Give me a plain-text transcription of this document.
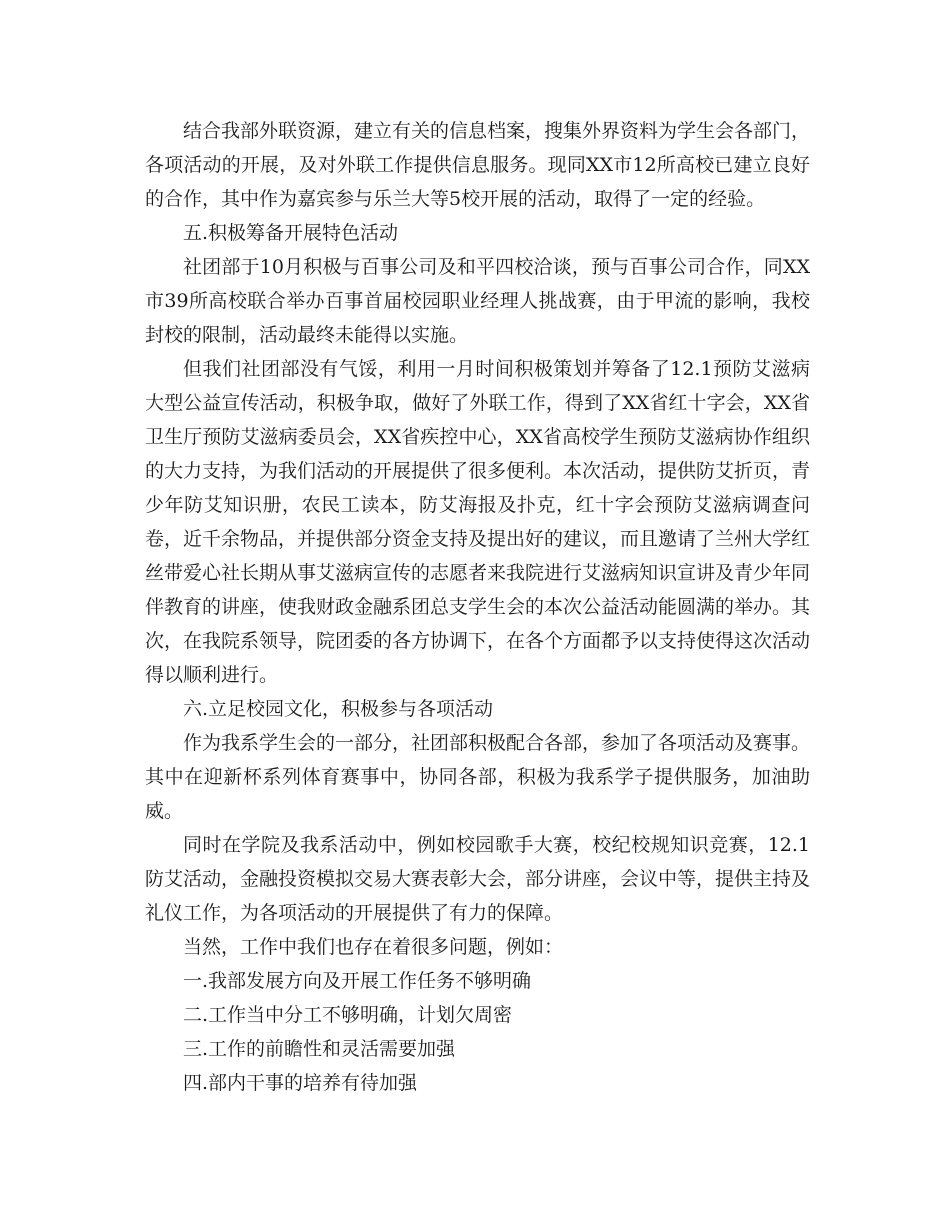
结合我部外联资源，建立有关的信息档案，搜集外界资料为学生会各部门，各项活动的开展，及对外联工作提供信息服务。现同XX市12所高校已建立良好的合作，其中作为嘉宾参与乐兰大等5校开展的活动，取得了一定的经验。

五.积极筹备开展特色活动

社团部于10月积极与百事公司及和平四校洽谈，预与百事公司合作，同XX市39所高校联合举办百事首届校园职业经理人挑战赛，由于甲流的影响，我校封校的限制，活动最终未能得以实施。

但我们社团部没有气馁，利用一月时间积极策划并筹备了12.1预防艾滋病大型公益宣传活动，积极争取，做好了外联工作，得到了XX省红十字会，XX省卫生厅预防艾滋病委员会，XX省疾控中心，XX省高校学生预防艾滋病协作组织的大力支持，为我们活动的开展提供了很多便利。本次活动，提供防艾折页，青少年防艾知识册，农民工读本，防艾海报及扑克，红十字会预防艾滋病调查问卷，近千余物品，并提供部分资金支持及提出好的建议，而且邀请了兰州大学红丝带爱心社长期从事艾滋病宣传的志愿者来我院进行艾滋病知识宣讲及青少年同伴教育的讲座，使我财政金融系团总支学生会的本次公益活动能圆满的举办。其次，在我院系领导，院团委的各方协调下，在各个方面都予以支持使得这次活动得以顺利进行。

六.立足校园文化，积极参与各项活动

作为我系学生会的一部分，社团部积极配合各部，参加了各项活动及赛事。其中在迎新杯系列体育赛事中，协同各部，积极为我系学子提供服务，加油助威。

同时在学院及我系活动中，例如校园歌手大赛，校纪校规知识竞赛，12.1防艾活动，金融投资模拟交易大赛表彰大会，部分讲座，会议中等，提供主持及礼仪工作，为各项活动的开展提供了有力的保障。

当然，工作中我们也存在着很多问题，例如：

一.我部发展方向及开展工作任务不够明确

二.工作当中分工不够明确，计划欠周密

三.工作的前瞻性和灵活需要加强

四.部内干事的培养有待加强
